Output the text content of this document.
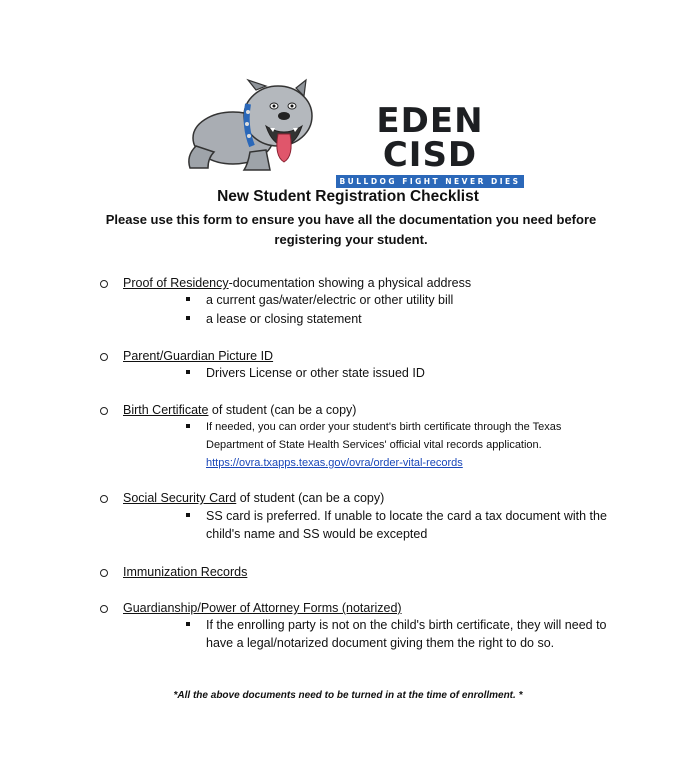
EDEN CISD
BULLDOG FIGHT NEVER DIES
New Student Registration Checklist
Please use this form to ensure you have all the documentation you need before registering your student.
Proof of Residency-documentation showing a physical address
a current gas/water/electric or other utility bill
a lease or closing statement
Parent/Guardian Picture ID
Drivers License or other state issued ID
Birth Certificate of student (can be a copy)
If needed, you can order your student's birth certificate through the Texas Department of State Health Services' official vital records application.
https://ovra.txapps.texas.gov/ovra/order-vital-records
Social Security Card of student (can be a copy)
SS card is preferred. If unable to locate the card a tax document with the child's name and SS would be excepted
Immunization Records
Guardianship/Power of Attorney Forms (notarized)
If the enrolling party is not on the child's birth certificate, they will need to have a legal/notarized document giving them the right to do so.
*All the above documents need to be turned in at the time of enrollment. *
